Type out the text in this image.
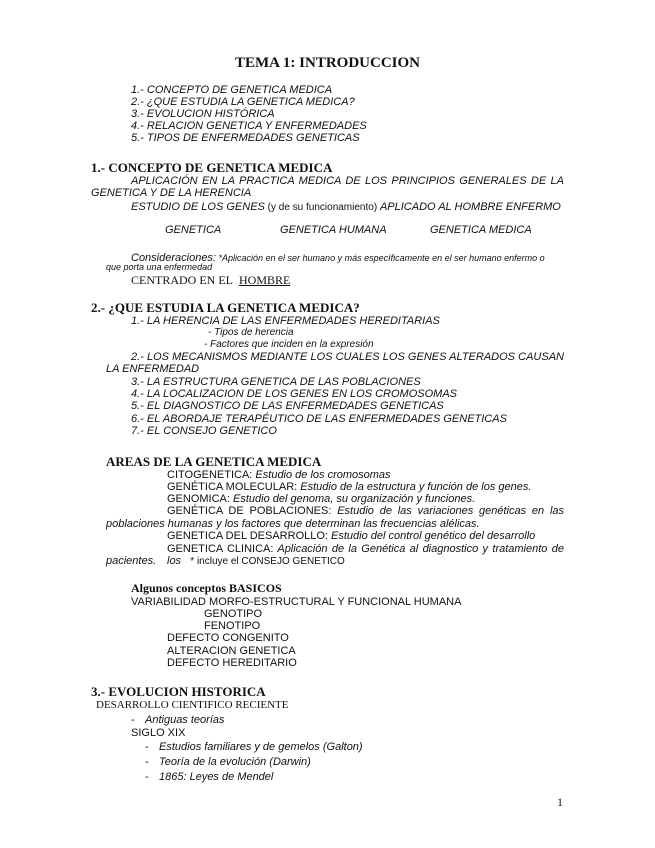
TEMA 1: INTRODUCCION
1.- CONCEPTO DE GENETICA MEDICA
2.- ¿QUE ESTUDIA LA GENETICA MEDICA?
3.- EVOLUCION HISTÓRICA
4.- RELACION GENETICA Y ENFERMEDADES
5.- TIPOS DE ENFERMEDADES GENETICAS
1.- CONCEPTO DE GENETICA MEDICA
APLICACIÓN EN LA PRACTICA MEDICA DE LOS PRINCIPIOS GENERALES DE LA
GENETICA Y DE LA HERENCIA
ESTUDIO DE LOS GENES (y de su funcionamiento) APLICADO AL HOMBRE ENFERMO
GENETICA	GENETICA HUMANA	GENETICA MEDICA
Consideraciones: *Aplicación en el ser humano y más específicamente en el ser humano enfermo o
que porta una enfermedad
CENTRADO EN EL HOMBRE
2.- ¿QUE ESTUDIA LA GENETICA MEDICA?
1.- LA HERENCIA DE LAS ENFERMEDADES HEREDITARIAS
- Tipos de herencia
- Factores que inciden en la expresión
2.- LOS MECANISMOS MEDIANTE LOS CUALES LOS GENES ALTERADOS CAUSAN
LA ENFERMEDAD
3.- LA ESTRUCTURA GENETICA DE LAS POBLACIONES
4.- LA LOCALIZACION DE LOS GENES EN LOS CROMOSOMAS
5.- EL DIAGNOSTICO DE LAS ENFERMEDADES GENETICAS
6.- EL ABORDAJE TERAPÉUTICO DE LAS ENFERMEDADES GENETICAS
7.- EL CONSEJO GENETICO
AREAS DE LA GENETICA MEDICA
CITOGENETICA: Estudio de los cromosomas
GENÉTICA MOLECULAR: Estudio de la estructura y función de los genes.
GENOMICA: Estudio del genoma, su organización y funciones.
GENÉTICA DE POBLACIONES: Estudio de las variaciones genéticas en las
poblaciones humanas y los factores que determinan las frecuencias alélicas.
GENETICA DEL DESARROLLO: Estudio del control genético del desarrollo
GENETICA CLINICA: Aplicación de la Genética al diagnostico y tratamiento de los
pacientes.	* incluye el CONSEJO GENETICO
Algunos conceptos BASICOS
VARIABILIDAD MORFO-ESTRUCTURAL Y FUNCIONAL HUMANA
GENOTIPO
FENOTIPO
DEFECTO CONGENITO
ALTERACION GENETICA
DEFECTO HEREDITARIO
3.- EVOLUCION HISTORICA
DESARROLLO CIENTIFICO RECIENTE
- Antiguas teorías
SIGLO XIX
- Estudios familiares y de gemelos (Galton)
- Teoría de la evolución (Darwin)
- 1865: Leyes de Mendel
1
